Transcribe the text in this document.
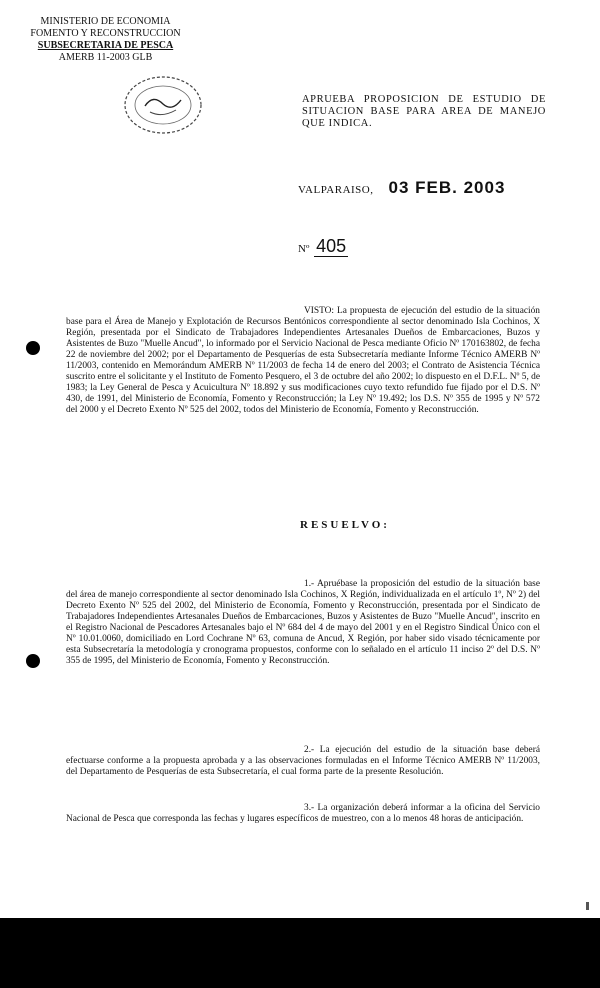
MINISTERIO DE ECONOMIA
FOMENTO Y RECONSTRUCCION
SUBSECRETARIA DE PESCA
AMERB 11-2003 GLB
APRUEBA PROPOSICION DE ESTUDIO DE SITUACION BASE PARA AREA DE MANEJO QUE INDICA.
VALPARAISO, 03 FEB. 2003
Nº 405
VISTO: La propuesta de ejecución del estudio de la situación base para el Área de Manejo y Explotación de Recursos Bentónicos correspondiente al sector denominado Isla Cochinos, X Región, presentada por el Sindicato de Trabajadores Independientes Artesanales Dueños de Embarcaciones, Buzos y Asistentes de Buzo "Muelle Ancud", lo informado por el Servicio Nacional de Pesca mediante Oficio Nº 170163802, de fecha 22 de noviembre del 2002; por el Departamento de Pesquerías de esta Subsecretaría mediante Informe Técnico AMERB Nº 11/2003, contenido en Memorándum AMERB Nº 11/2003 de fecha 14 de enero del 2003; el Contrato de Asistencia Técnica suscrito entre el solicitante y el Instituto de Fomento Pesquero, el 3 de octubre del año 2002; lo dispuesto en el D.F.L. Nº 5, de 1983; la Ley General de Pesca y Acuicultura Nº 18.892 y sus modificaciones cuyo texto refundido fue fijado por el D.S. Nº 430, de 1991, del Ministerio de Economía, Fomento y Reconstrucción; la Ley Nº 19.492; los D.S. Nº 355 de 1995 y Nº 572 del 2000 y el Decreto Exento Nº 525 del 2002, todos del Ministerio de Economía, Fomento y Reconstrucción.
RESUELVO:
1.- Apruébase la proposición del estudio de la situación base del área de manejo correspondiente al sector denominado Isla Cochinos, X Región, individualizada en el artículo 1º, Nº 2) del Decreto Exento Nº 525 del 2002, del Ministerio de Economía, Fomento y Reconstrucción, presentada por el Sindicato de Trabajadores Independientes Artesanales Dueños de Embarcaciones, Buzos y Asistentes de Buzo "Muelle Ancud", inscrito en el Registro Nacional de Pescadores Artesanales bajo el Nº 684 del 4 de mayo del 2001 y en el Registro Sindical Único con el Nº 10.01.0060, domiciliado en Lord Cochrane Nº 63, comuna de Ancud, X Región, por haber sido visado técnicamente por esta Subsecretaría la metodología y cronograma propuestos, conforme con lo señalado en el artículo 11 inciso 2º del D.S. Nº 355 de 1995, del Ministerio de Economía, Fomento y Reconstrucción.
2.- La ejecución del estudio de la situación base deberá efectuarse conforme a la propuesta aprobada y a las observaciones formuladas en el Informe Técnico AMERB Nº 11/2003, del Departamento de Pesquerías de esta Subsecretaría, el cual forma parte de la presente Resolución.
3.- La organización deberá informar a la oficina del Servicio Nacional de Pesca que corresponda las fechas y lugares específicos de muestreo, con a lo menos 48 horas de anticipación.
